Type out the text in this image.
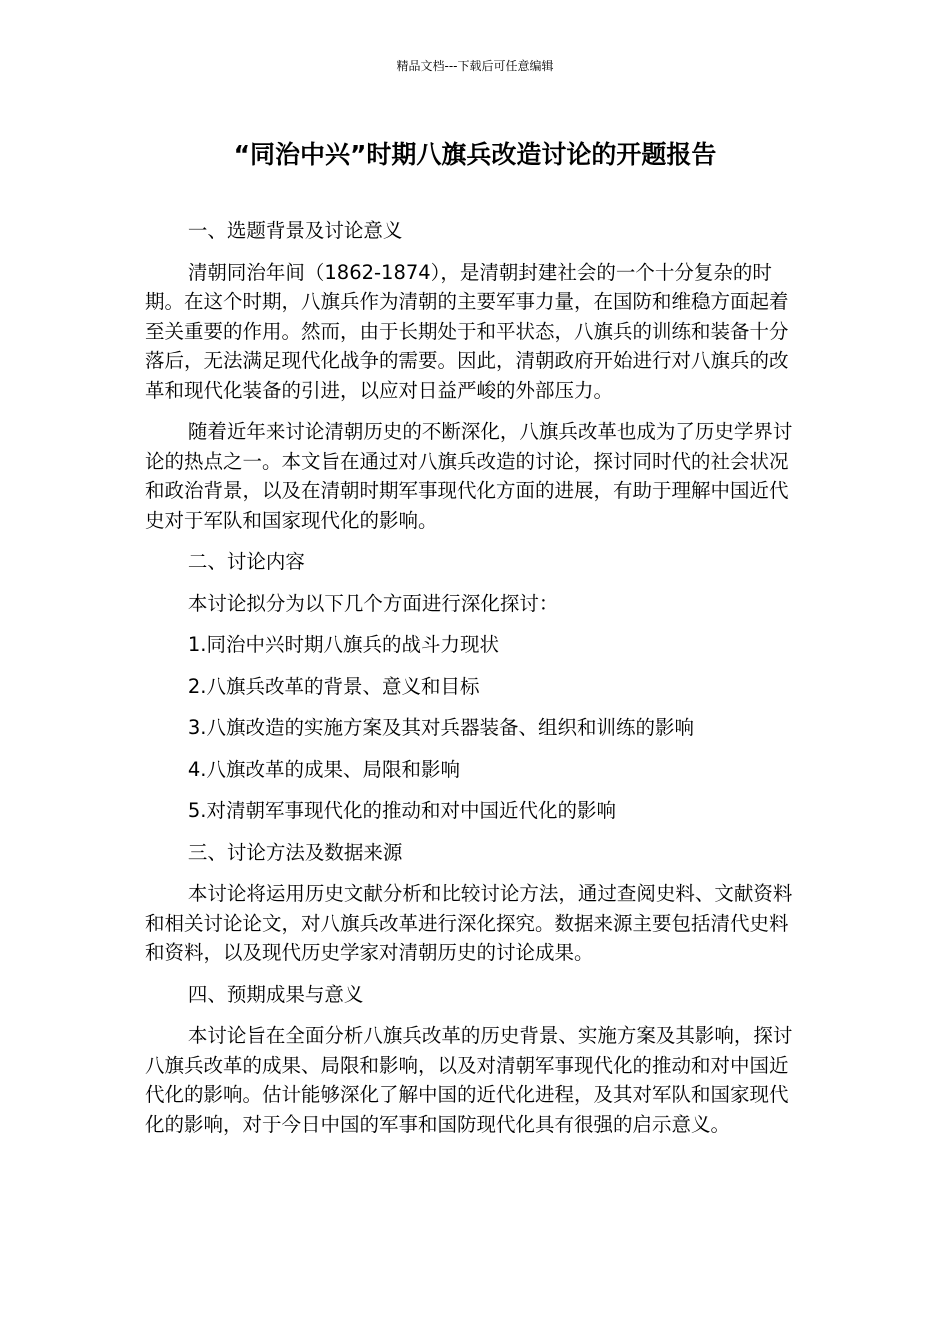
精品文档---下载后可任意编辑
“同治中兴”时期八旗兵改造讨论的开题报告

一、选题背景及讨论意义

清朝同治年间（1862-1874），是清朝封建社会的一个十分复杂的时期。在这个时期，八旗兵作为清朝的主要军事力量，在国防和维稳方面起着至关重要的作用。然而，由于长期处于和平状态，八旗兵的训练和装备十分落后，无法满足现代化战争的需要。因此，清朝政府开始进行对八旗兵的改革和现代化装备的引进，以应对日益严峻的外部压力。

随着近年来讨论清朝历史的不断深化，八旗兵改革也成为了历史学界讨论的热点之一。本文旨在通过对八旗兵改造的讨论，探讨同时代的社会状况和政治背景，以及在清朝时期军事现代化方面的进展，有助于理解中国近代史对于军队和国家现代化的影响。

二、讨论内容

本讨论拟分为以下几个方面进行深化探讨：

1.同治中兴时期八旗兵的战斗力现状

2.八旗兵改革的背景、意义和目标

3.八旗改造的实施方案及其对兵器装备、组织和训练的影响

4.八旗改革的成果、局限和影响

5.对清朝军事现代化的推动和对中国近代化的影响

三、讨论方法及数据来源

本讨论将运用历史文献分析和比较讨论方法，通过查阅史料、文献资料和相关讨论论文，对八旗兵改革进行深化探究。数据来源主要包括清代史料和资料，以及现代历史学家对清朝历史的讨论成果。

四、预期成果与意义

本讨论旨在全面分析八旗兵改革的历史背景、实施方案及其影响，探讨八旗兵改革的成果、局限和影响，以及对清朝军事现代化的推动和对中国近代化的影响。估计能够深化了解中国的近代化进程，及其对军队和国家现代化的影响，对于今日中国的军事和国防现代化具有很强的启示意义。
